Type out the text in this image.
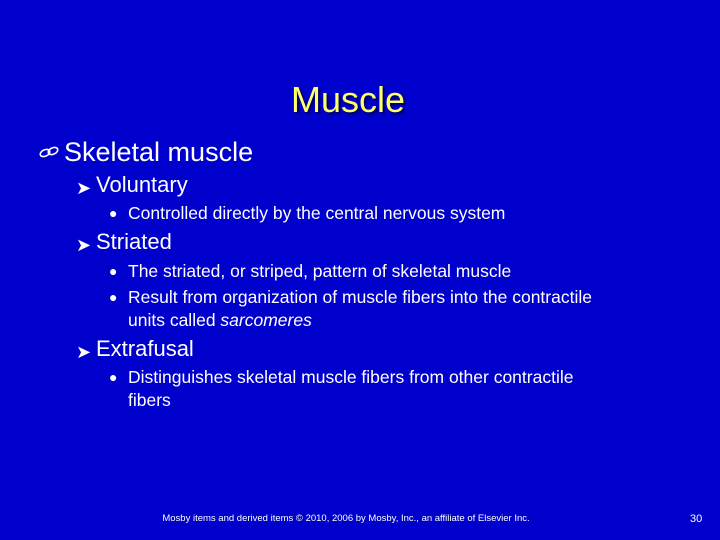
Muscle
Skeletal muscle
➤ Voluntary
● Controlled directly by the central nervous system
➤ Striated
● The striated, or striped, pattern of skeletal muscle
● Result from organization of muscle fibers into the contractile
units called sarcomeres
➤ Extrafusal
● Distinguishes skeletal muscle fibers from other contractile
fibers
Mosby items and derived items © 2010, 2006 by Mosby, Inc., an affiliate of Elsevier Inc.	30
